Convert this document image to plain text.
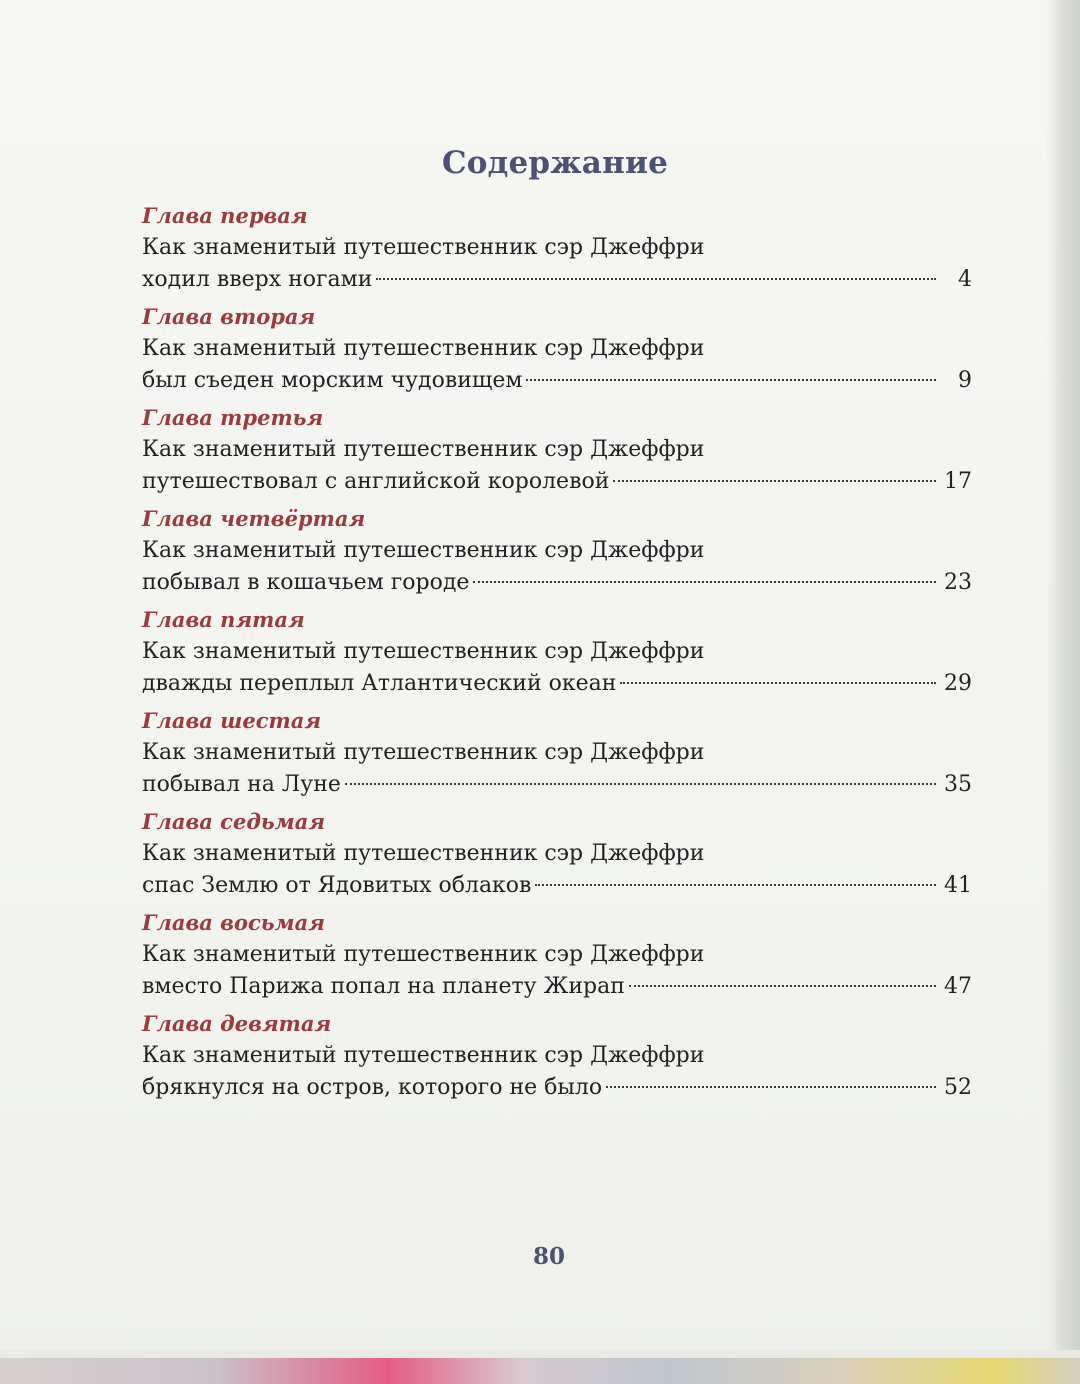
Содержание
Глава первая
Как знаменитый путешественник сэр Джеффри
ходил вверх ногами	4
Глава вторая
Как знаменитый путешественник сэр Джеффри
был съеден морским чудовищем	9
Глава третья
Как знаменитый путешественник сэр Джеффри
путешествовал с английской королевой	17
Глава четвёртая
Как знаменитый путешественник сэр Джеффри
побывал в кошачьем городе	23
Глава пятая
Как знаменитый путешественник сэр Джеффри
дважды переплыл Атлантический океан	29
Глава шестая
Как знаменитый путешественник сэр Джеффри
побывал на Луне	35
Глава седьмая
Как знаменитый путешественник сэр Джеффри
спас Землю от Ядовитых облаков	41
Глава восьмая
Как знаменитый путешественник сэр Джеффри
вместо Парижа попал на планету Жирап	47
Глава девятая
Как знаменитый путешественник сэр Джеффри
брякнулся на остров, которого не было	52
80
